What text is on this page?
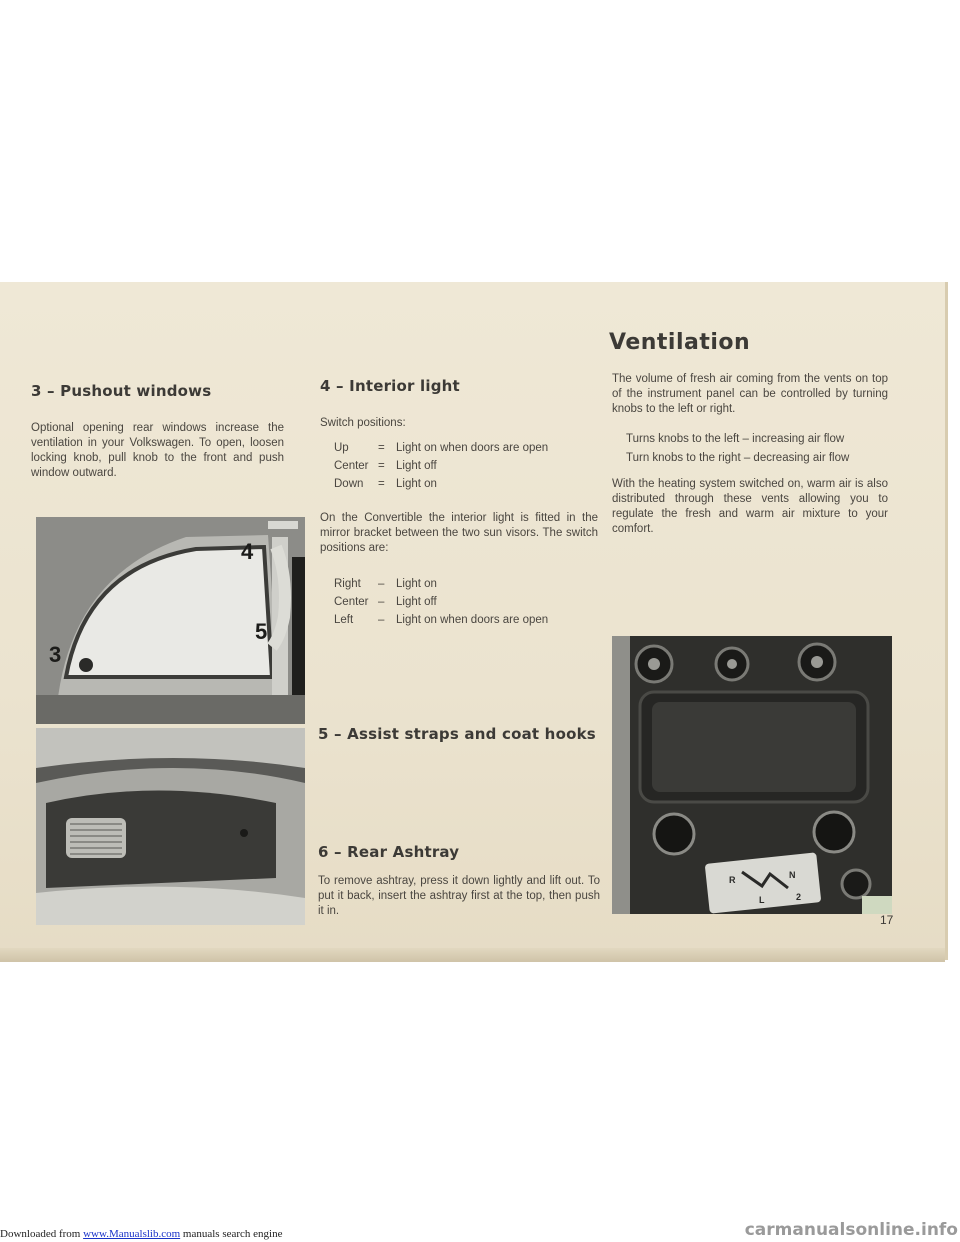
3 – Pushout windows

Optional opening rear windows increase the ventilation in your Volkswagen. To open, loosen locking knob, pull knob to the front and push window outward.

4
5
3
4 – Interior light

Switch positions:

Up	= Light on when doors are open
Center = Light off
Down = Light on

On the Convertible the interior light is fitted in the mirror bracket between the two sun visors. The switch positions are:

Right – Light on
Center – Light off
Left – Light on when doors are open
5 – Assist straps and coat hooks
6 – Rear Ashtray

To remove ashtray, press it down lightly and lift out. To put it back, insert the ashtray first at the top, then push it in.

Ventilation

The volume of fresh air coming from the vents on top of the instrument panel can be controlled by turning knobs to the left or right.

Turns knobs to the left – increasing air flow

Turn knobs to the right – decreasing air flow

With the heating system switched on, warm air is also distributed through these vents allowing you to regulate the fresh and warm air mixture to your comfort.

R	N
L	2
17
Downloaded from www.Manualslib.com manuals search engine	carmanualsonline.info
